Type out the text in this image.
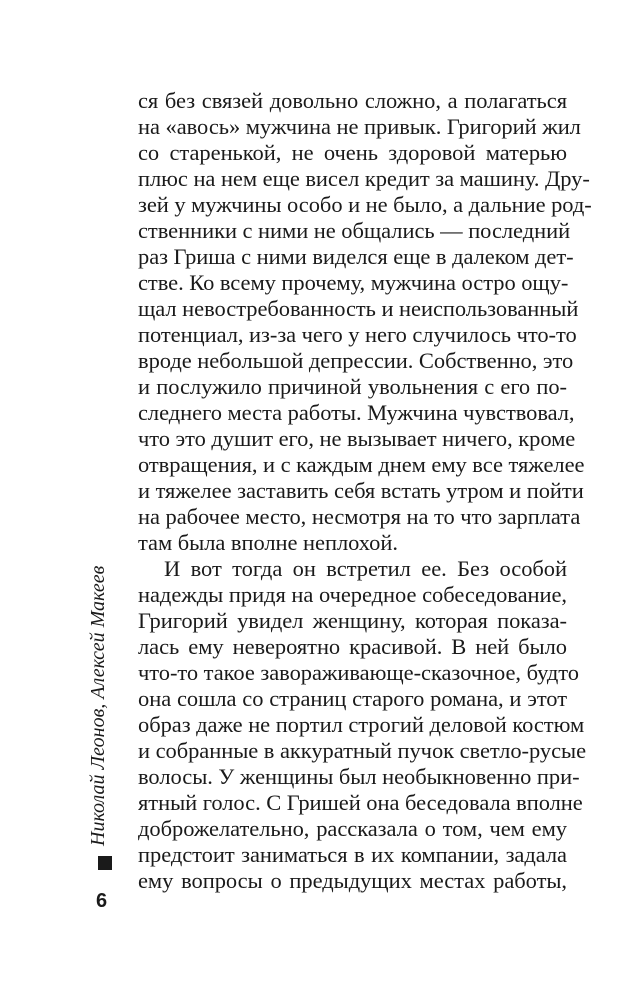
ся без связей довольно сложно, а полагаться
на «авось» мужчина не привык. Григорий жил
со старенькой, не очень здоровой матерью
плюс на нем еще висел кредит за машину. Дру-
зей у мужчины особо и не было, а дальние род-
ственники с ними не общались — последний
раз Гриша с ними виделся еще в далеком дет-
стве. Ко всему прочему, мужчина остро ощу-
щал невостребованность и неиспользованный
потенциал, из-за чего у него случилось что-то
вроде небольшой депрессии. Собственно, это
и послужило причиной увольнения с его по-
следнего места работы. Мужчина чувствовал,
что это душит его, не вызывает ничего, кроме
отвращения, и с каждым днем ему все тяжелее
и тяжелее заставить себя встать утром и пойти
на рабочее место, несмотря на то что зарплата
там была вполне неплохой.
И вот тогда он встретил ее. Без особой
надежды придя на очередное собеседование,
Григорий увидел женщину, которая показа-
лась ему невероятно красивой. В ней было
что-то такое завораживающе-сказочное, будто
она сошла со страниц старого романа, и этот
образ даже не портил строгий деловой костюм
и собранные в аккуратный пучок светло-русые
волосы. У женщины был необыкновенно при-
ятный голос. С Гришей она беседовала вполне
доброжелательно, рассказала о том, чем ему
предстоит заниматься в их компании, задала
ему вопросы о предыдущих местах работы,
Николай Леонов, Алексей Макеев
6
